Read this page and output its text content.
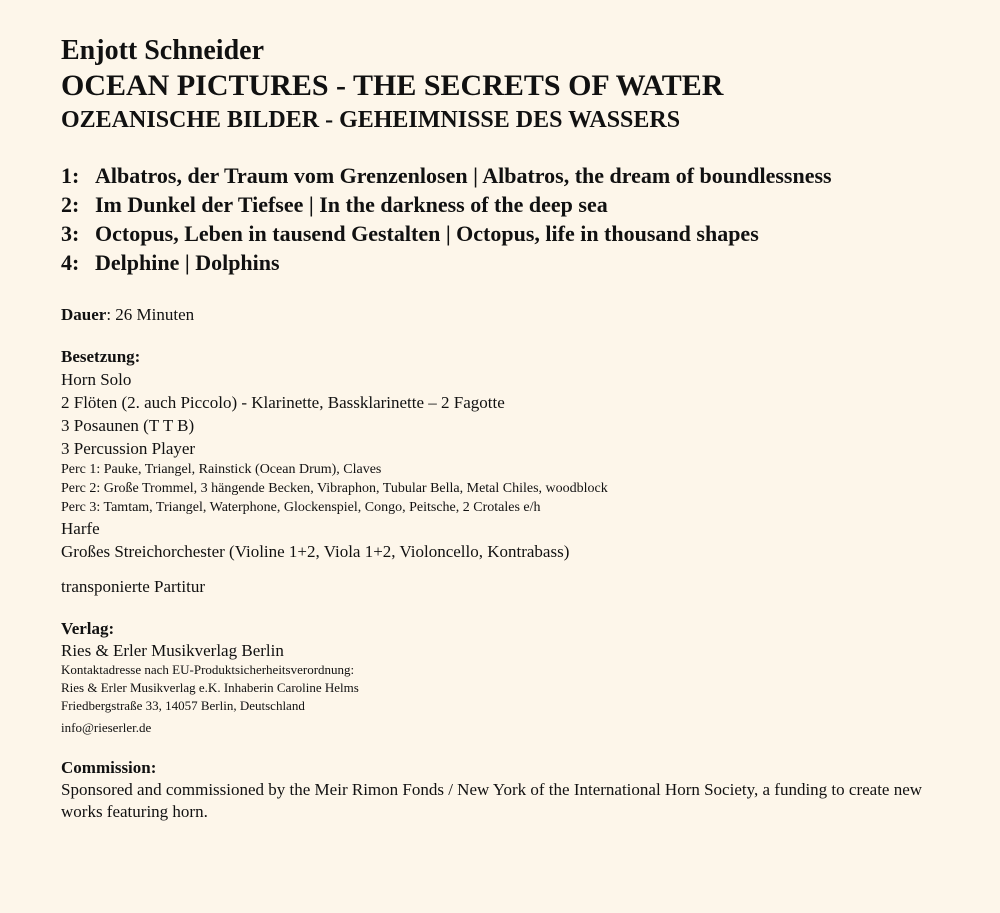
Enjott Schneider
OCEAN PICTURES - THE SECRETS OF WATER
OZEANISCHE BILDER - GEHEIMNISSE DES WASSERS
1: Albatros, der Traum vom Grenzenlosen | Albatros, the dream of boundlessness
2: Im Dunkel der Tiefsee | In the darkness of the deep sea
3: Octopus, Leben in tausend Gestalten | Octopus, life in thousand shapes
4: Delphine | Dolphins
Dauer: 26 Minuten
Besetzung:
Horn Solo
2 Flöten (2. auch Piccolo) - Klarinette, Bassklarinette – 2 Fagotte
3 Posaunen (T T B)
3 Percussion Player
Perc 1: Pauke, Triangel, Rainstick (Ocean Drum), Claves
Perc 2: Große Trommel, 3 hängende Becken, Vibraphon, Tubular Bella, Metal Chiles, woodblock
Perc 3: Tamtam, Triangel, Waterphone, Glockenspiel, Congo, Peitsche, 2 Crotales e/h
Harfe
Großes Streichorchester (Violine 1+2, Viola 1+2, Violoncello, Kontrabass)
transponierte Partitur
Verlag:
Ries & Erler Musikverlag Berlin
Kontaktadresse nach EU-Produktsicherheitsverordnung:
Ries & Erler Musikverlag e.K. Inhaberin Caroline Helms
Friedbergstraße 33, 14057 Berlin, Deutschland
info@rieserler.de
Commission:
Sponsored and commissioned by the Meir Rimon Fonds / New York of the International Horn Society, a funding to create new works featuring horn.
